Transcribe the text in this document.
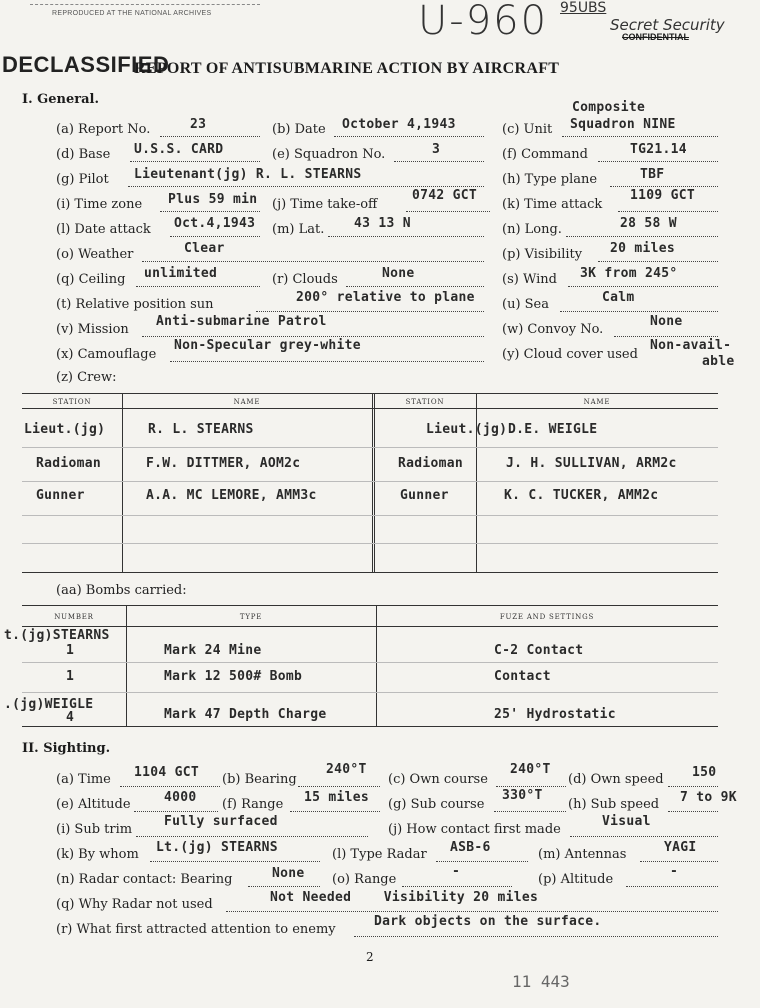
REPRODUCED AT THE NATIONAL ARCHIVES	U-960 95UBS
Secret Security
CONFIDENTIAL
DECLASSIFIED
REPORT OF ANTISUBMARINE ACTION BY AIRCRAFT
I. General.
(a) Report No.	23	(b) Date October 4,1943	(c) Unit
Composite
Squadron NINE
(d) Base U.S.S. CARD	(e) Squadron No.	3	(f) Command	TG21.14
(g) Pilot Lieutenant(jg) R. L. STEARNS	(h) Type plane	TBF
(i) Time zone Plus 59 min (j) Time take-off
0742 GCT
(k) Time attack
1109 GCT
(l) Date attack Oct.4,1943 (m) Lat. 43 13 N	(n) Long.	28 58 W
(o) Weather	Clear	(p) Visibility 20 miles
(q) Ceiling unlimited	(r) Clouds	None	(s) Wind 3K from 245°
(t) Relative position sun	200° relative to plane (u) Sea	Calm
(v) Mission
Anti-submarine Patrol
(w) Convoy No.
None
(x) Camouflage
Non-Specular grey-white
(y) Cloud cover used
Non-avail-
able
(z) Crew:
STATION	NAME	STATION	NAME
Lieut.(jg)	R. L. STEARNS	Lieut.(jg) D.E. WEIGLE
Radioman	F.W. DITTMER, AOM2c	Radioman	J. H. SULLIVAN, ARM2c
Gunner	A.A. MC LEMORE, AMM3c	Gunner	K. C. TUCKER, AMM2c
(aa) Bombs carried:
NUMBER	TYPE	FUZE AND SETTINGS
t.(jg)STEARNS
1	Mark 24 Mine	C-2 Contact
1	Mark 12 500# Bomb	Contact
.(jg)WEIGLE
4	Mark 47 Depth Charge	25' Hydrostatic
II. Sighting.
(a) Time 1104 GCT (b) Bearing
240°T
(c) Own course
240°T
(d) Own speed 150
(e) Altitude	4000 (f) Range 15 miles (g) Sub course
330°T
(h) Sub speed 7 to 9K
(i) Sub trim
Fully surfaced
(j) How contact first made
Visual
(k) By whom Lt.(jg) STEARNS	(l) Type Radar ASB-6	(m) Antennas	YAGI
(n) Radar contact: Bearing	None (o) Range
-
(p) Altitude
-
(q) Why Radar not used	Not Needed    Visibility 20 miles
(r) What first attracted attention to enemy
Dark objects on the surface.
2
11 443
